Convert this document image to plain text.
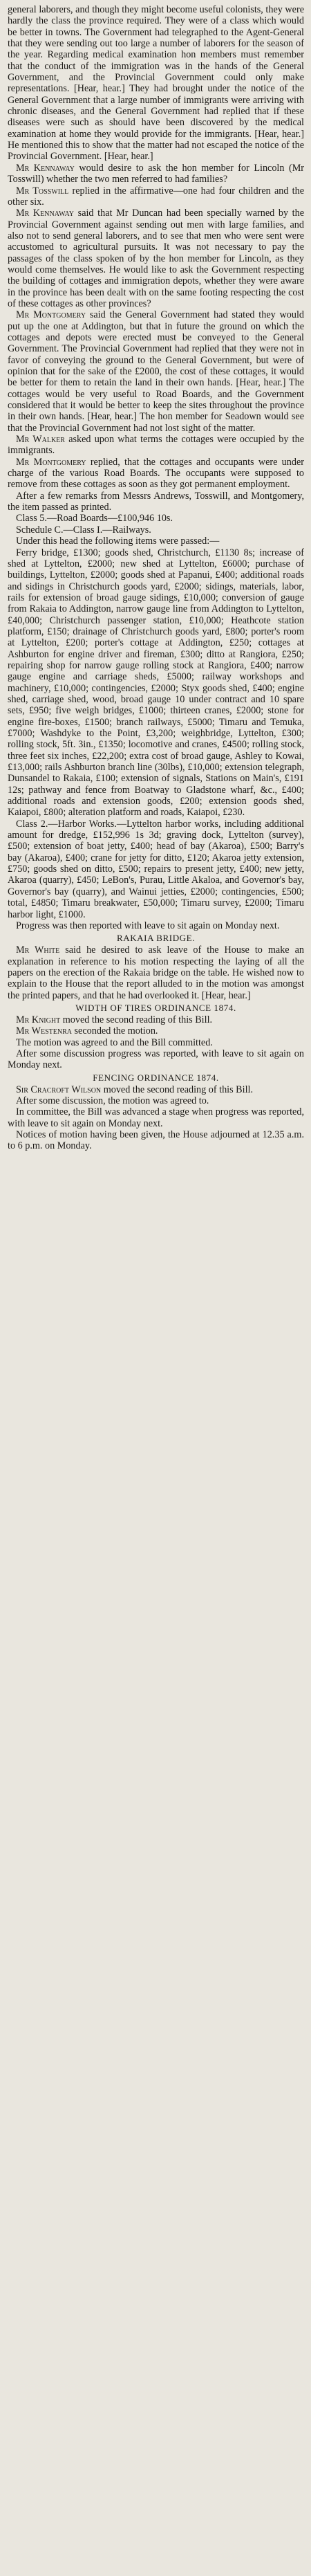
general laborers, and though they might become useful colonists, they were hardly the class the province required. They were of a class which would be better in towns. The Government had telegraphed to the Agent-General that they were sending out too large a number of laborers for the season of the year. Regarding medical examination hon members must remember that the conduct of the immigration was in the hands of the General Government, and the Provincial Government could only make representations. [Hear, hear.] They had brought under the notice of the General Government that a large number of immigrants were arriving with chronic diseases, and the General Government had replied that if these diseases were such as should have been discovered by the medical examination at home they would provide for the immigrants. [Hear, hear.] He mentioned this to show that the matter had not escaped the notice of the Provincial Government. [Hear, hear.]

Mr Kennaway would desire to ask the hon member for Lincoln (Mr Tosswill) whether the two men referred to had families?

Mr Tosswill replied in the affirmative—one had four children and the other six.

Mr Kennaway said that Mr Duncan had been specially warned by the Provincial Government against sending out men with large families, and also not to send general laborers, and to see that men who were sent were accustomed to agricultural pursuits. It was not necessary to pay the passages of the class spoken of by the hon member for Lincoln, as they would come themselves. He would like to ask the Government respecting the building of cottages and immigration depots, whether they were aware in the province has been dealt with on the same footing respecting the cost of these cottages as other provinces?

Mr Montgomery said the General Government had stated they would put up the one at Addington, but that in future the ground on which the cottages and depots were erected must be conveyed to the General Government. The Provincial Government had replied that they were not in favor of conveying the ground to the General Government, but were of opinion that for the sake of the £2000, the cost of these cottages, it would be better for them to retain the land in their own hands. [Hear, hear.] The cottages would be very useful to Road Boards, and the Government considered that it would be better to keep the sites throughout the province in their own hands. [Hear, hear.] The hon member for Seadown would see that the Provincial Government had not lost sight of the matter.

Mr Walker asked upon what terms the cottages were occupied by the immigrants.

Mr Montgomery replied, that the cottages and occupants were under charge of the various Road Boards. The occupants were supposed to remove from these cottages as soon as they got permanent employment.

After a few remarks from Messrs Andrews, Tosswill, and Montgomery, the item passed as printed.

Class 5.—Road Boards—£100,946 10s.

Schedule C.—Class I.—Railways.

Under this head the following items were passed:—

Ferry bridge, £1300; goods shed, Christchurch, £1130 8s; increase of shed at Lyttelton, £2000; new shed at Lyttelton, £6000; purchase of buildings, Lyttelton, £2000; goods shed at Papanui, £400; additional roads and sidings in Christchurch goods yard, £2000; sidings, materials, labor, rails for extension of broad gauge sidings, £10,000; conversion of gauge from Rakaia to Addington, narrow gauge line from Addington to Lyttelton, £40,000; Christchurch passenger station, £10,000; Heathcote station platform, £150; drainage of Christchurch goods yard, £800; porter's room at Lyttelton, £200; porter's cottage at Addington, £250; cottages at Ashburton for engine driver and fireman, £300; ditto at Rangiora, £250; repairing shop for narrow gauge rolling stock at Rangiora, £400; narrow gauge engine and carriage sheds, £5000; railway workshops and machinery, £10,000; contingencies, £2000; Styx goods shed, £400; engine shed, carriage shed, wood, broad gauge 10 under contract and 10 spare sets, £950; five weigh bridges, £1000; thirteen cranes, £2000; stone for engine fire-boxes, £1500; branch railways, £5000; Timaru and Temuka, £7000; Washdyke to the Point, £3,200; weighbridge, Lyttelton, £300; rolling stock, 5ft. 3in., £1350; locomotive and cranes, £4500; rolling stock, three feet six inches, £22,200; extra cost of broad gauge, Ashley to Kowai, £13,000; rails Ashburton branch line (30lbs), £10,000; extension telegraph, Dunsandel to Rakaia, £100; extension of signals, Stations on Main's, £191 12s; pathway and fence from Boatway to Gladstone wharf, &c., £400; additional roads and extension goods, £200; extension goods shed, Kaiapoi, £800; alteration platform and roads, Kaiapoi, £230.

Class 2.—Harbor Works.—Lyttelton harbor works, including additional amount for dredge, £152,996 1s 3d; graving dock, Lyttelton (survey), £500; extension of boat jetty, £400; head of bay (Akaroa), £500; Barry's bay (Akaroa), £400; crane for jetty for ditto, £120; Akaroa jetty extension, £750; goods shed on ditto, £500; repairs to present jetty, £400; new jetty, Akaroa (quarry), £450; LeBon's, Purau, Little Akaloa, and Governor's bay, Governor's bay (quarry), and Wainui jetties, £2000; contingencies, £500; total, £4850; Timaru breakwater, £50,000; Timaru survey, £2000; Timaru harbor light, £1000.

Progress was then reported with leave to sit again on Monday next.

RAKAIA BRIDGE.

Mr White said he desired to ask leave of the House to make an explanation in reference to his motion respecting the laying of all the papers on the erection of the Rakaia bridge on the table. He wished now to explain to the House that the report alluded to in the motion was amongst the printed papers, and that he had overlooked it. [Hear, hear.]

WIDTH OF TIRES ORDINANCE 1874.

Mr Knight moved the second reading of this Bill.

Mr Westenra seconded the motion.

The motion was agreed to and the Bill committed.

After some discussion progress was reported, with leave to sit again on Monday next.

FENCING ORDINANCE 1874.

Sir Cracroft Wilson moved the second reading of this Bill.

After some discussion, the motion was agreed to.

In committee, the Bill was advanced a stage when progress was reported, with leave to sit again on Monday next.

Notices of motion having been given, the House adjourned at 12.35 a.m. to 6 p.m. on Monday.
